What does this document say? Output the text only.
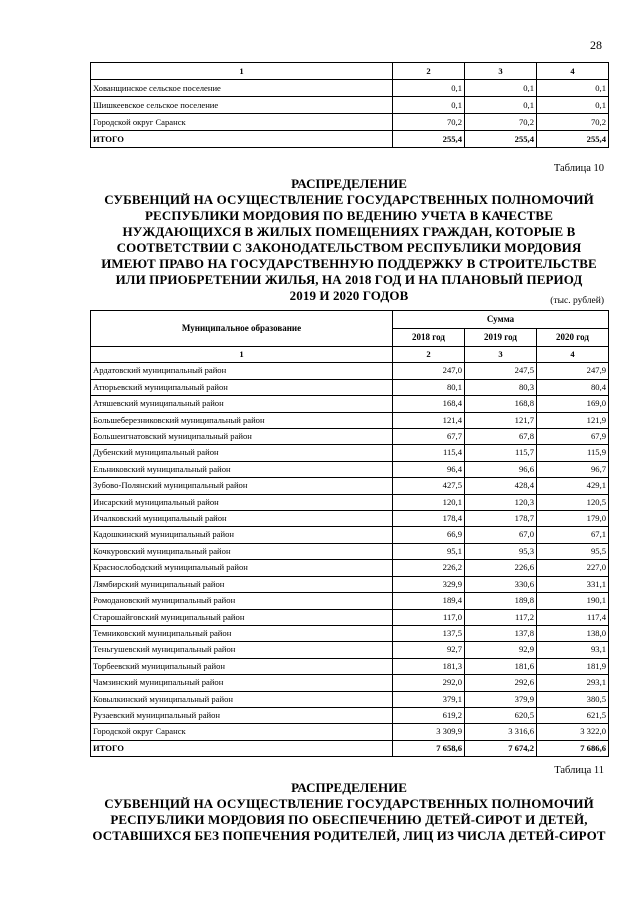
28
1	2	3	4
Хованщинское сельское поселение	0,1	0,1	0,1
Шишкеевское сельское поселение	0,1	0,1	0,1
Городской округ Саранск	70,2	70,2	70,2
ИТОГО	255,4	255,4	255,4
Таблица 10
РАСПРЕДЕЛЕНИЕ
СУБВЕНЦИЙ НА ОСУЩЕСТВЛЕНИЕ ГОСУДАРСТВЕННЫХ ПОЛНОМОЧИЙ
РЕСПУБЛИКИ МОРДОВИЯ ПО ВЕДЕНИЮ УЧЕТА В КАЧЕСТВЕ
НУЖДАЮЩИХСЯ В ЖИЛЫХ ПОМЕЩЕНИЯХ ГРАЖДАН, КОТОРЫЕ В
СООТВЕТСТВИИ С ЗАКОНОДАТЕЛЬСТВОМ РЕСПУБЛИКИ МОРДОВИЯ
ИМЕЮТ ПРАВО НА ГОСУДАРСТВЕННУЮ ПОДДЕРЖКУ В СТРОИТЕЛЬСТВЕ
ИЛИ ПРИОБРЕТЕНИИ ЖИЛЬЯ, НА 2018 ГОД И НА ПЛАНОВЫЙ ПЕРИОД
2019 И 2020 ГОДОВ	(тыс. рублей)
Муниципальное образование	Сумма		
	2018 год	2019 год	2020 год
1	2	3	4
Ардатовский муниципальный район	247,0	247,5	247,9
Атюрьевский муниципальный район	80,1	80,3	80,4
Атяшевский муниципальный район	168,4	168,8	169,0
Большеберезниковский муниципальный район	121,4	121,7	121,9
Большеигнатовский муниципальный район	67,7	67,8	67,9
Дубенский муниципальный район	115,4	115,7	115,9
Ельниковский муниципальный район	96,4	96,6	96,7
Зубово-Полянский муниципальный район	427,5	428,4	429,1
Инсарский муниципальный район	120,1	120,3	120,5
Ичалковский муниципальный район	178,4	178,7	179,0
Кадошкинский муниципальный район	66,9	67,0	67,1
Кочкуровский муниципальный район	95,1	95,3	95,5
Краснослободский муниципальный район	226,2	226,6	227,0
Лямбирский муниципальный район	329,9	330,6	331,1
Ромодановский муниципальный район	189,4	189,8	190,1
Старошайговский муниципальный район	117,0	117,2	117,4
Темниковский муниципальный район	137,5	137,8	138,0
Теньгушевский муниципальный район	92,7	92,9	93,1
Торбеевский муниципальный район	181,3	181,6	181,9
Чамзинский муниципальный район	292,0	292,6	293,1
Ковылкинский муниципальный район	379,1	379,9	380,5
Рузаевский муниципальный район	619,2	620,5	621,5
Городской округ Саранск	3 309,9	3 316,6	3 322,0
ИТОГО	7 658,6	7 674,2	7 686,6
Таблица 11
РАСПРЕДЕЛЕНИЕ
СУБВЕНЦИЙ НА ОСУЩЕСТВЛЕНИЕ ГОСУДАРСТВЕННЫХ ПОЛНОМОЧИЙ
РЕСПУБЛИКИ МОРДОВИЯ ПО ОБЕСПЕЧЕНИЮ ДЕТЕЙ-СИРОТ И ДЕТЕЙ,
ОСТАВШИХСЯ БЕЗ ПОПЕЧЕНИЯ РОДИТЕЛЕЙ, ЛИЦ ИЗ ЧИСЛА ДЕТЕЙ-СИРОТ
